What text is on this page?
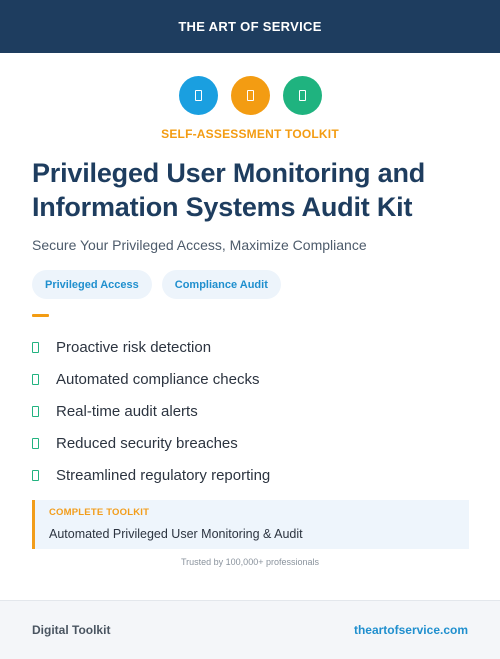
THE ART OF SERVICE
SELF-ASSESSMENT TOOLKIT
Privileged User Monitoring and Information Systems Audit Kit
Secure Your Privileged Access, Maximize Compliance
Privileged Access	Compliance Audit
Proactive risk detection
Automated compliance checks
Real-time audit alerts
Reduced security breaches
Streamlined regulatory reporting
COMPLETE TOOLKIT
Automated Privileged User Monitoring & Audit
Trusted by 100,000+ professionals
Digital Toolkit	theartofservice.com
